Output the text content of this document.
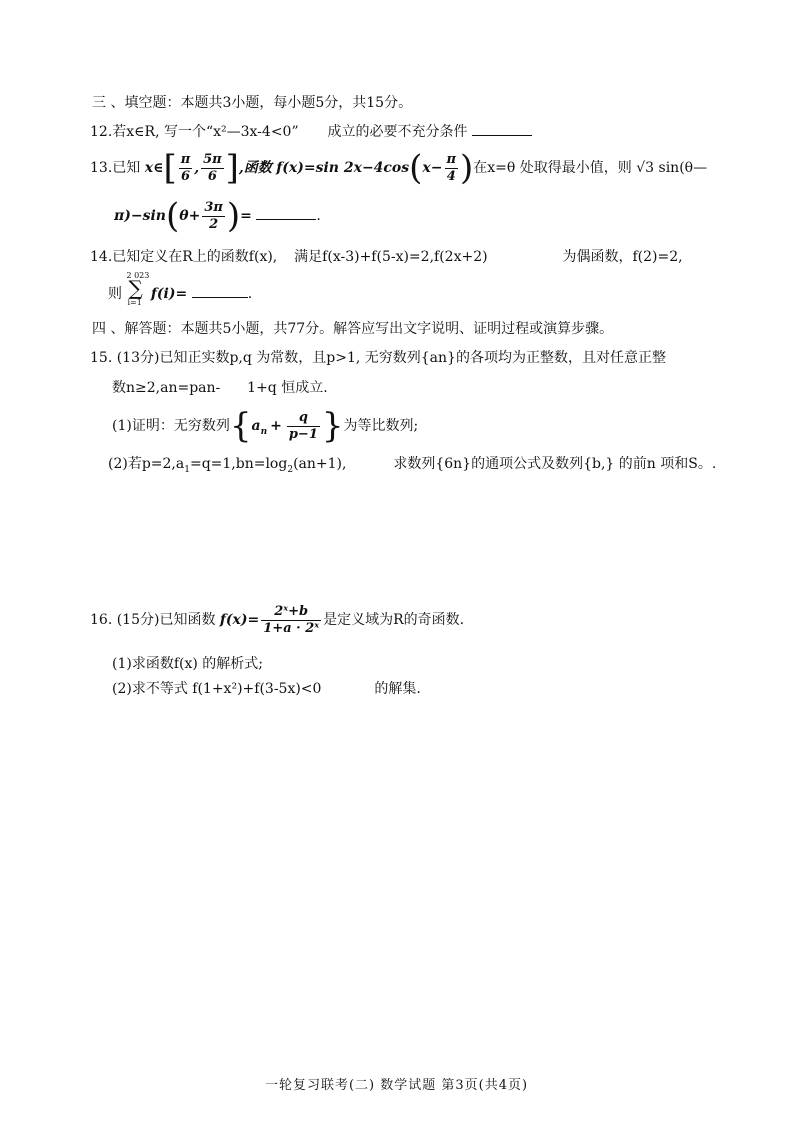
三 、填空题：本题共3小题，每小题5分，共15分。
12.若x∈R, 写一个“x²—3x-4<0” 成立的必要不充分条件
13.已知 x∈[ $\frac{\pi}{6}$ , $\frac{5\pi}{6}$ ],函数 f(x)=sin $2x-4\cos(x- \frac{\pi}{4}$ )在x=θ 处取得最小值，则 √3 sin(θ—
$\pi)-\sin(\theta+ \frac{3\pi}{2}$ )=	.
14.已知定义在R上的函数f(x), 满足f(x-3)+f(5-x)=2,f(2x+2)	为偶函数，f(2)=2,
则
2 023
∑
i=1
f(i)=	.
四 、解答题：本题共5小题，共77分。解答应写出文字说明、证明过程或演算步骤。
15. (13分)已知正实数p,q 为常数，且p>1, 无穷数列{an}的各项均为正整数，且对任意正整
数n≥2,an=pan- 1+q 恒成立.
(1)证明：无穷数列{$a_n + \frac{q}{p-1}$ }为等比数列;
(2)若$p=2,a_1=q=1,bn=\log_2(an+1)$,	求数列{6n}的通项公式及数列{b,} 的前n 项和S。.
16. (15分)已知函数 $f(x)= \frac{\text{2ˣ+b}}{\text{1+a · 2ˣ}}$ 是定义域为R的奇函数.
(1)求函数f(x) 的解析式;
(2)求不等式 f(1+x²)+f(3-5x)<0	的解集.
一轮复习联考(二) 数学试题 第3页(共4页)
